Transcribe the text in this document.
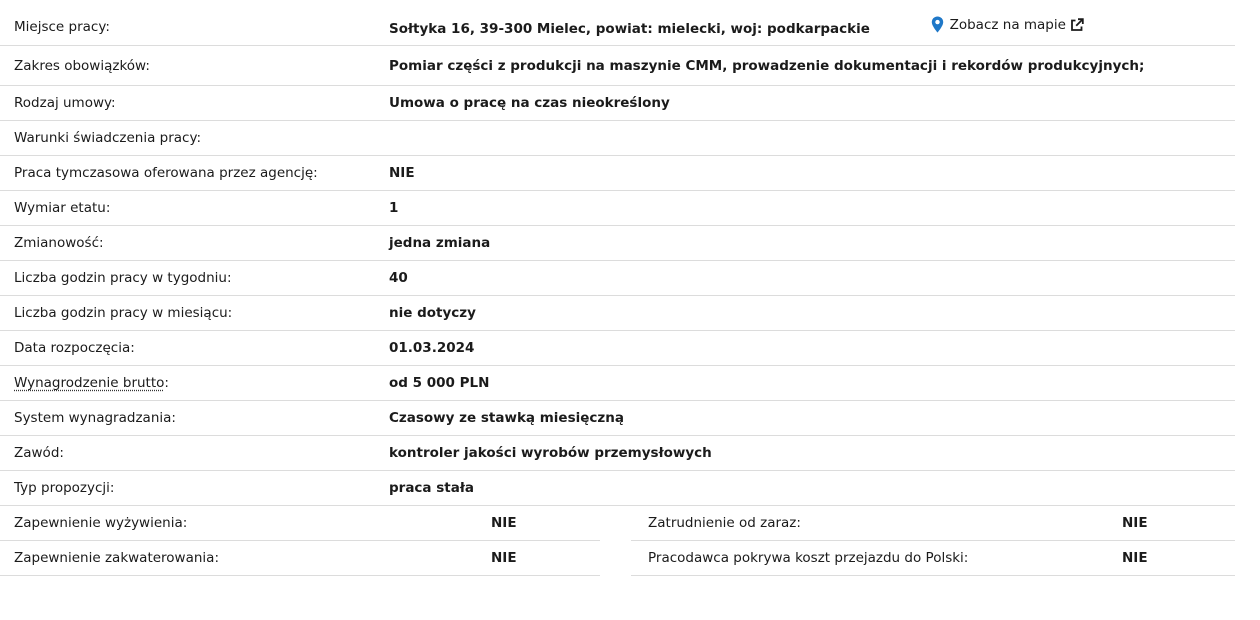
Miejsce pracy:	Sołtyka 16, 39-300 Mielec, powiat: mielecki, woj: podkarpackie	Zobacz na mapie
Zakres obowiązków:	Pomiar części z produkcji na maszynie CMM, prowadzenie dokumentacji i rekordów produkcyjnych;
Rodzaj umowy:	Umowa o pracę na czas nieokreślony
Warunki świadczenia pracy:
Praca tymczasowa oferowana przez agencję:	NIE
Wymiar etatu:	1
Zmianowość:	jedna zmiana
Liczba godzin pracy w tygodniu:	40
Liczba godzin pracy w miesiącu:	nie dotyczy
Data rozpoczęcia:	01.03.2024
Wynagrodzenie brutto:	od 5 000 PLN
System wynagradzania:	Czasowy ze stawką miesięczną
Zawód:	kontroler jakości wyrobów przemysłowych
Typ propozycji:	praca stała
Zapewnienie wyżywienia:	NIE
Zapewnienie zakwaterowania:	NIE
Zatrudnienie od zaraz:	NIE
Pracodawca pokrywa koszt przejazdu do Polski:	NIE
